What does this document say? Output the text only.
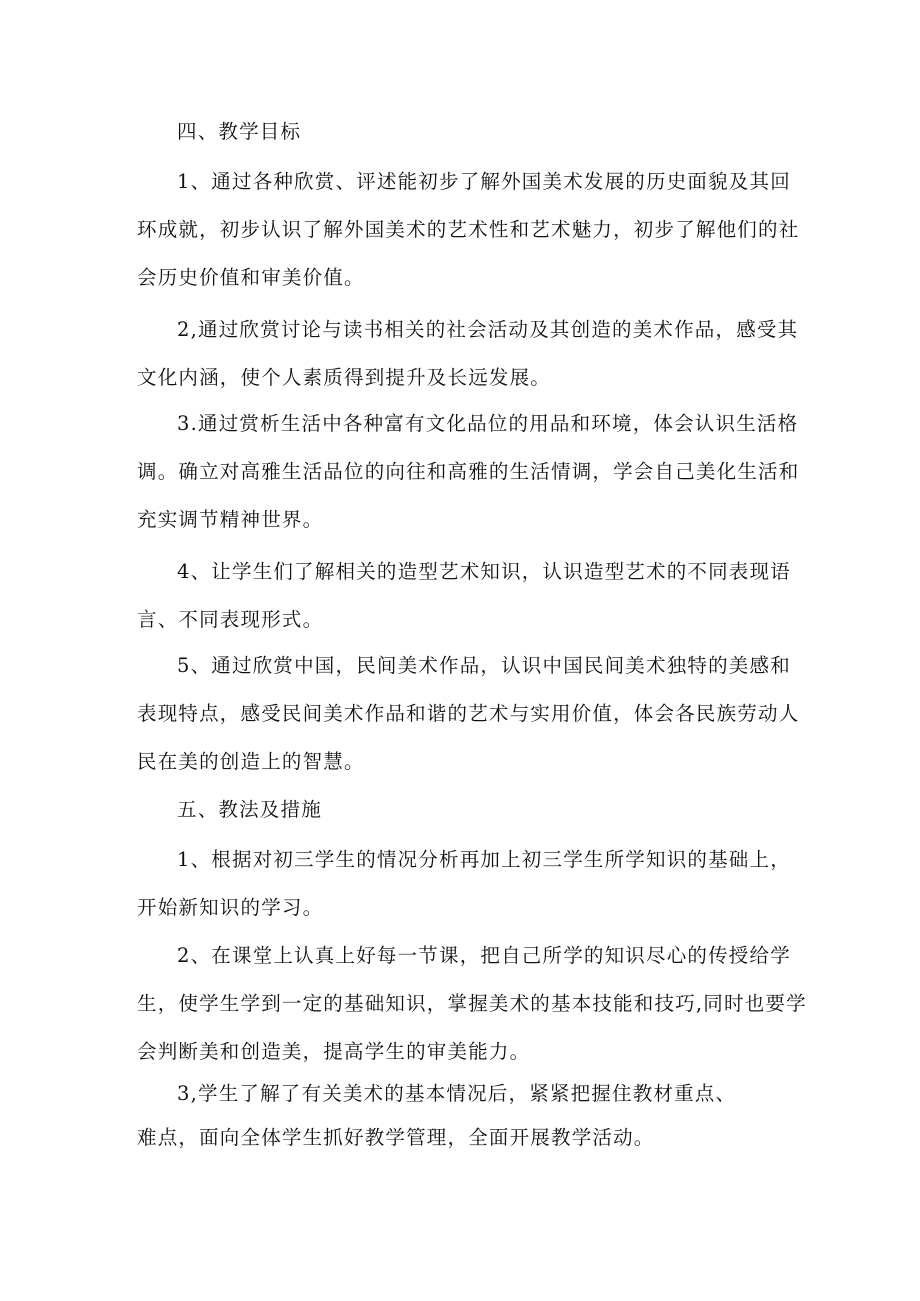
四、教学目标
1、通过各种欣赏、评述能初步了解外国美术发展的历史面貌及其回
环成就，初步认识了解外国美术的艺术性和艺术魅力，初步了解他们的社
会历史价值和审美价值。
2,通过欣赏讨论与读书相关的社会活动及其创造的美术作品，感受其
文化内涵，使个人素质得到提升及长远发展。
3.通过赏析生活中各种富有文化品位的用品和环境，体会认识生活格
调。确立对高雅生活品位的向往和高雅的生活情调，学会自己美化生活和
充实调节精神世界。
4、让学生们了解相关的造型艺术知识，认识造型艺术的不同表现语
言、不同表现形式。
5、通过欣赏中国，民间美术作品，认识中国民间美术独特的美感和
表现特点，感受民间美术作品和谐的艺术与实用价值，体会各民族劳动人
民在美的创造上的智慧。
五、教法及措施
1、根据对初三学生的情况分析再加上初三学生所学知识的基础上，
开始新知识的学习。
2、在课堂上认真上好每一节课，把自己所学的知识尽心的传授给学
生，使学生学到一定的基础知识，掌握美术的基本技能和技巧,同时也要学
会判断美和创造美，提高学生的审美能力。
3,学生了解了有关美术的基本情况后，紧紧把握住教材重点、
难点，面向全体学生抓好教学管理，全面开展教学活动。
